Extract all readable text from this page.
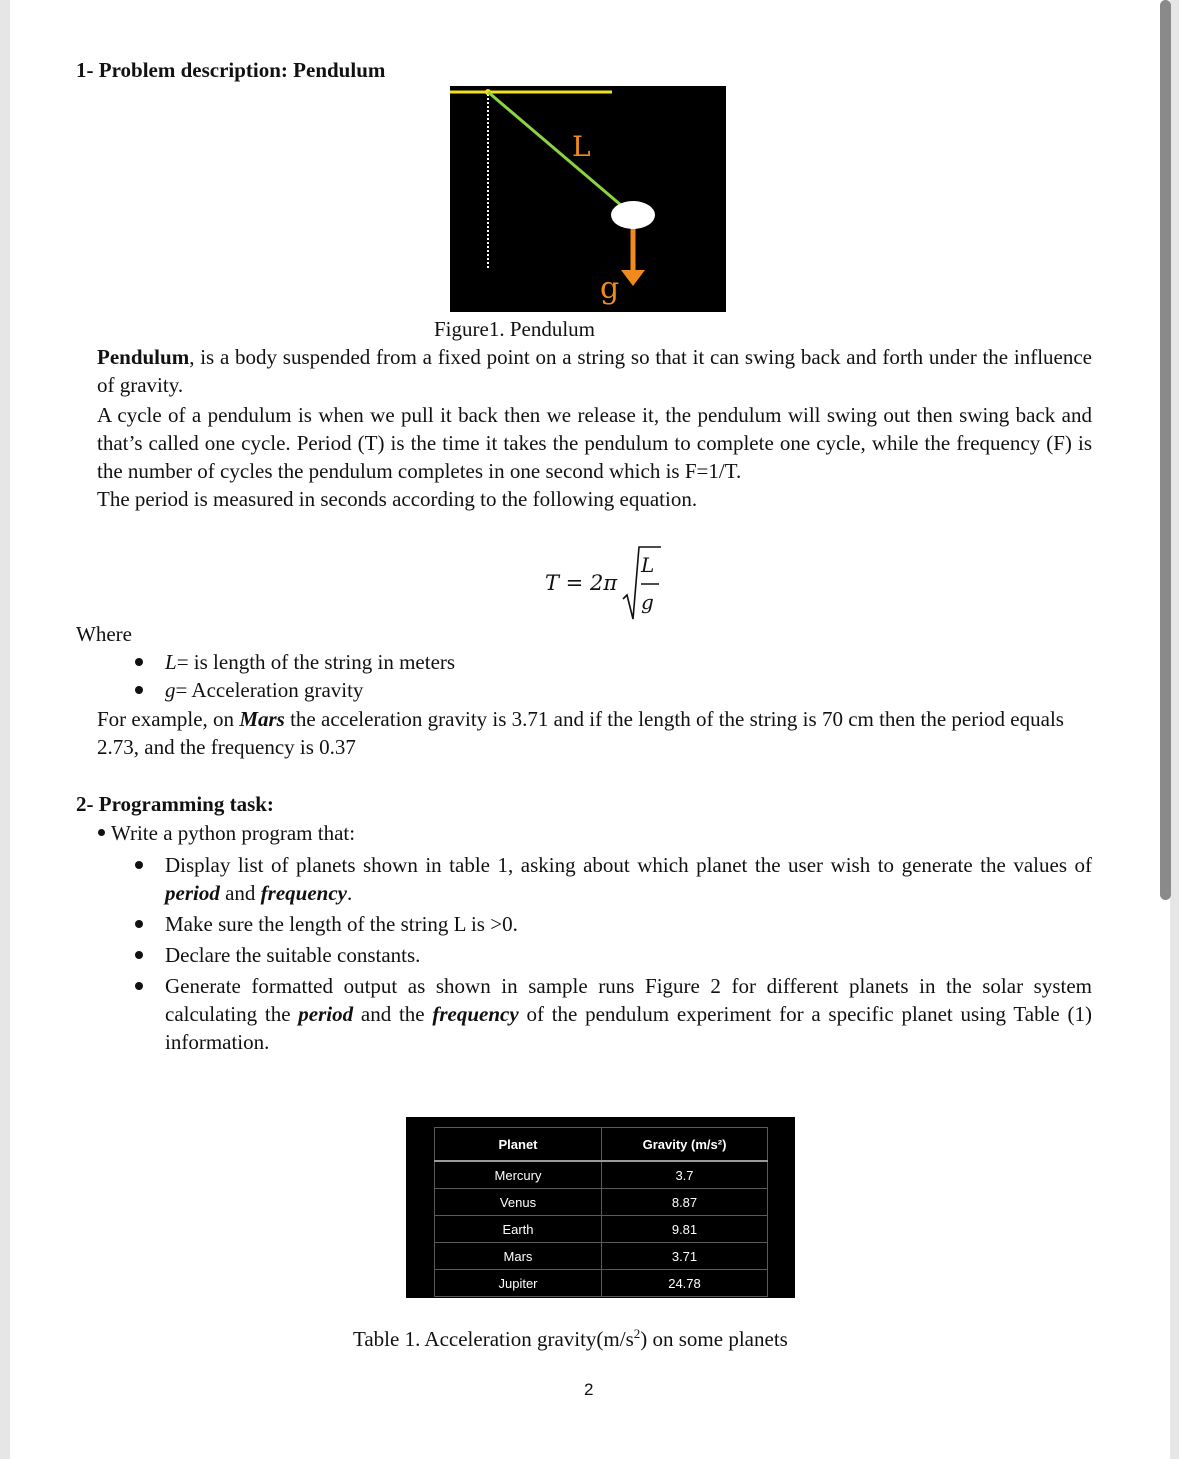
1- Problem description: Pendulum
L
g
Figure1. Pendulum
Pendulum, is a body suspended from a fixed point on a string so that it can swing back and forth under the influence of gravity.
A cycle of a pendulum is when we pull it back then we release it, the pendulum will swing out then swing back and that’s called one cycle. Period (T) is the time it takes the pendulum to complete one cycle, while the frequency (F) is the number of cycles the pendulum completes in one second which is F=1/T.
The period is measured in seconds according to the following equation.
T = 2π
L
g
Where
L= is length of the string in meters
g= Acceleration gravity
For example, on Mars the acceleration gravity is 3.71 and if the length of the string is 70 cm then the period equals 2.73, and the frequency is 0.37
2- Programming task:
Write a python program that:
Display list of planets shown in table 1, asking about which planet the user wish to generate the values of period and frequency.
Make sure the length of the string L is >0.
Declare the suitable constants.
Generate formatted output as shown in sample runs Figure 2 for different planets in the solar system calculating the period and the frequency of the pendulum experiment for a specific planet using Table (1) information.
Planet	Gravity (m/s²)
Mercury	3.7
Venus	8.87
Earth	9.81
Mars	3.71
Jupiter	24.78
Table 1. Acceleration $gravity(m/s^2)$ on some planets
2
